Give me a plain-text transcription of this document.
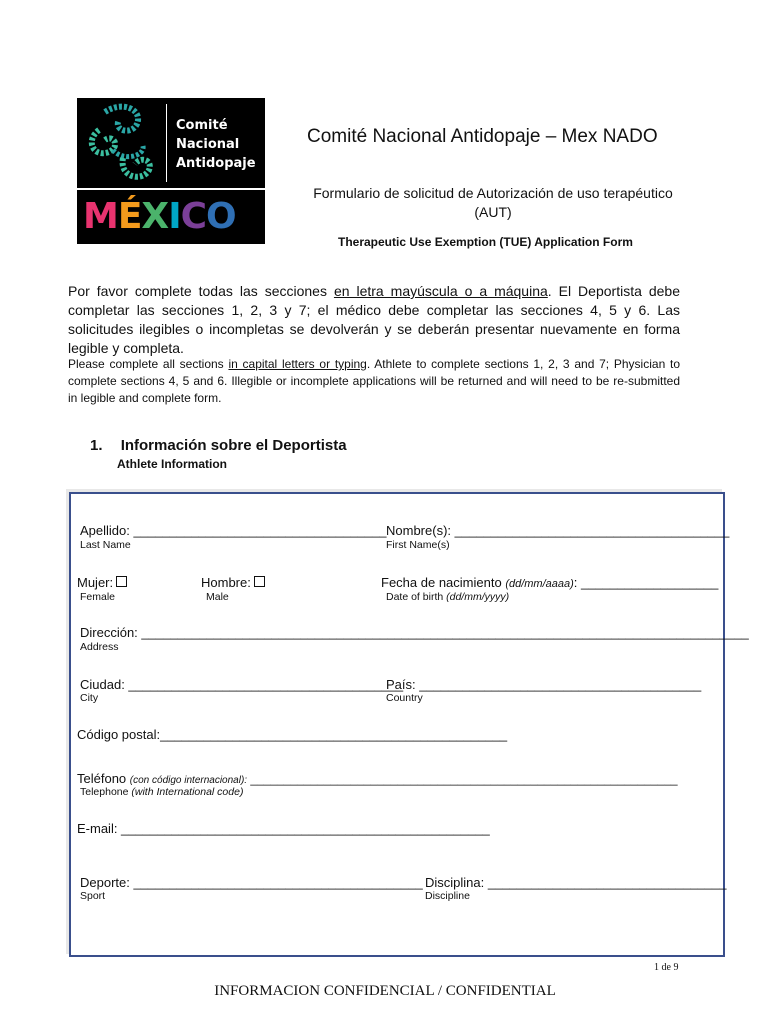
Comité
Nacional
Antidopaje
MÉXICO
Comité Nacional Antidopaje – Mex NADO
Formulario de solicitud de Autorización de uso terapéutico
(AUT)
Therapeutic Use Exemption (TUE) Application Form
Por favor complete todas las secciones en letra mayúscula o a máquina. El Deportista debe completar las secciones 1, 2, 3 y 7; el médico debe completar las secciones 4, 5 y 6. Las solicitudes ilegibles o incompletas se devolverán y se deberán presentar nuevamente en forma legible y completa.
Please complete all sections in capital letters or typing. Athlete to complete sections 1, 2, 3 and 7; Physician to complete sections 4, 5 and 6. Illegible or incomplete applications will be returned and will need to be re-submitted in legible and complete form.
1. Información sobre el Deportista
Athlete Information
Apellido: ___________________________________
Last Name
Nombre(s): ______________________________________
First Name(s)
Mujer:
Female
Hombre:
Male
Fecha de nacimiento (dd/mm/aaaa): ___________________
Date of birth (dd/mm/yyyy)
Dirección: ____________________________________________________________________________________
Address
Ciudad: ______________________________________
City
País: _______________________________________
Country
Código postal:________________________________________________
Teléfono (con código internacional): ________________________________________________________________
Telephone (with International code)
E-mail: ___________________________________________________
Deporte: ________________________________________
Sport
Disciplina: _________________________________
Discipline
1 de 9
INFORMACION CONFIDENCIAL / CONFIDENTIAL
